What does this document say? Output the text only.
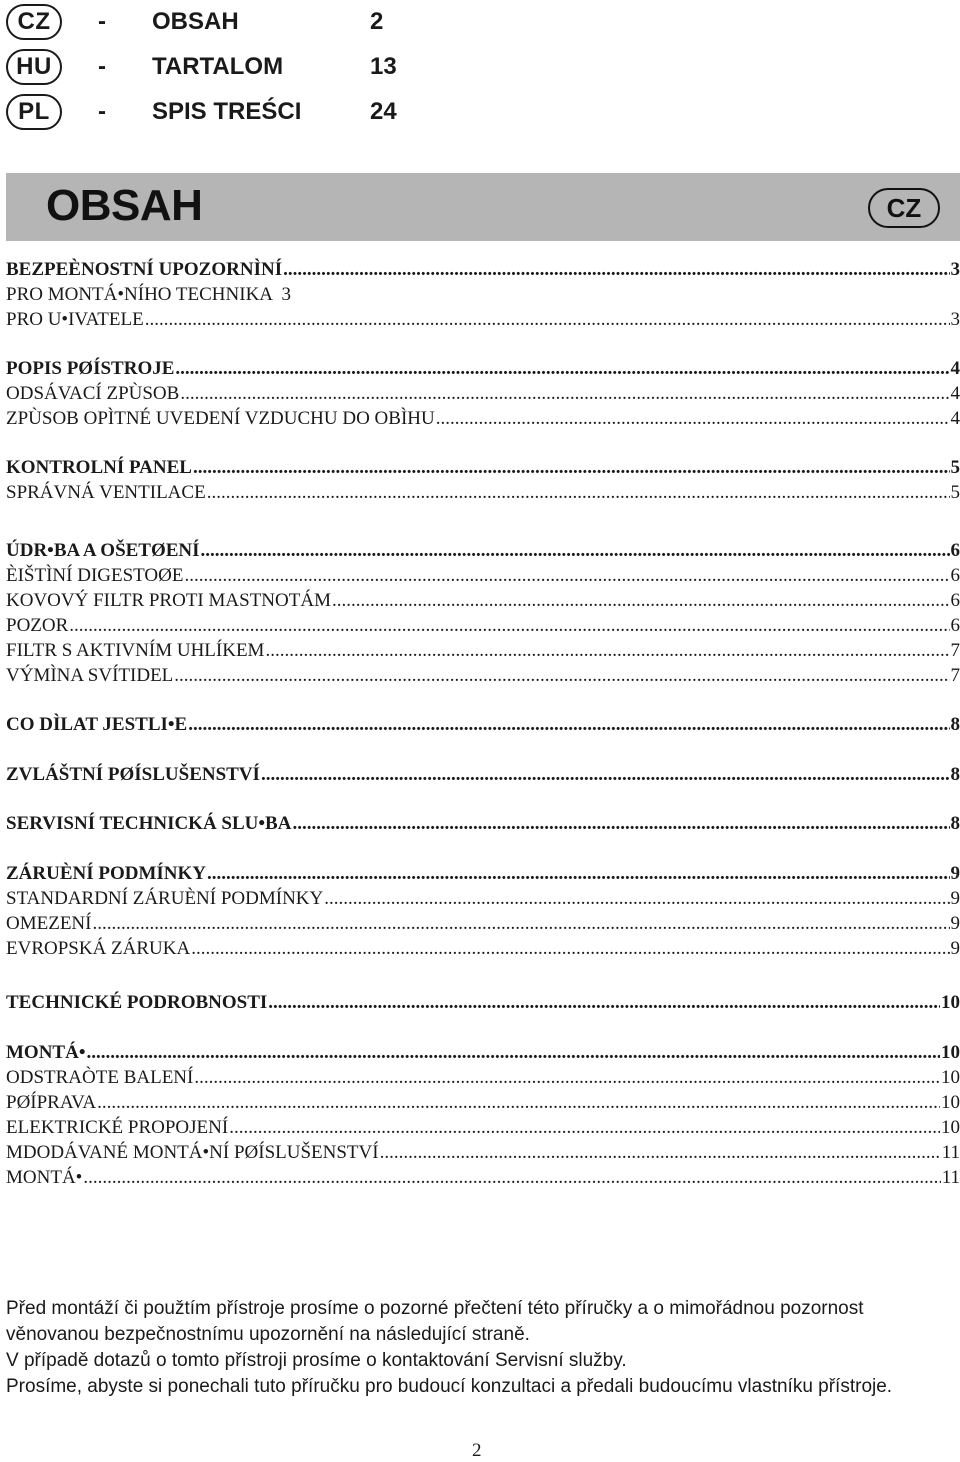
CZ	- OBSAH	2
HU	- TARTALOM	13
PL	- SPIS TREŚCI	24
OBSAH	CZ
BEZPEÈNOSTNÍ UPOZORNÌNÍ .....	3
PRO MONTÁ•NÍHO TECHNIKA  3
PRO U•IVATELE .....	3
POPIS PØÍSTROJE .....	4
ODSÁVACÍ ZPÙSOB .....	4
ZPÙSOB OPÌTNÉ UVEDENÍ VZDUCHU DO OBÌHU .....	4
KONTROLNÍ PANEL .....	5
SPRÁVNÁ VENTILACE .....	5
ÚDR•BA A OŠETØENÍ .....	6
ÈIŠTÌNÍ DIGESTOØE .....	6
KOVOVÝ FILTR PROTI MASTNOTÁM .....	6
POZOR .....	6
FILTR S AKTIVNÍM UHLÍKEM .....	7
VÝMÌNA SVÍTIDEL .....	7
CO DÌLAT JESTLI•E .....	8
ZVLÁŠTNÍ PØÍSLUŠENSTVÍ .....	8
SERVISNÍ TECHNICKÁ SLU•BA .....	8
ZÁRUÈNÍ PODMÍNKY .....	9
STANDARDNÍ ZÁRUÈNÍ PODMÍNKY .....	9
OMEZENÍ .....	9
EVROPSKÁ ZÁRUKA .....	9
TECHNICKÉ PODROBNOSTI .....	10
MONTÁ• .....	10
ODSTRAÒTE BALENÍ .....	10
PØÍPRAVA .....	10
ELEKTRICKÉ PROPOJENÍ .....	10
MDODÁVANÉ MONTÁ•NÍ PØÍSLUŠENSTVÍ .....	11
MONTÁ• .....	11

Před montáží či použtím přístroje prosíme o pozorné přečtení této příručky a o mimořádnou pozornost věnovanou bezpečnostnímu upozornění na následující straně.

V případě dotazů o tomto přístroji prosíme o kontaktování Servisní služby.

Prosíme, abyste si ponechali tuto příručku pro budoucí konzultaci a předali budoucímu vlastníku přístroje.

2
